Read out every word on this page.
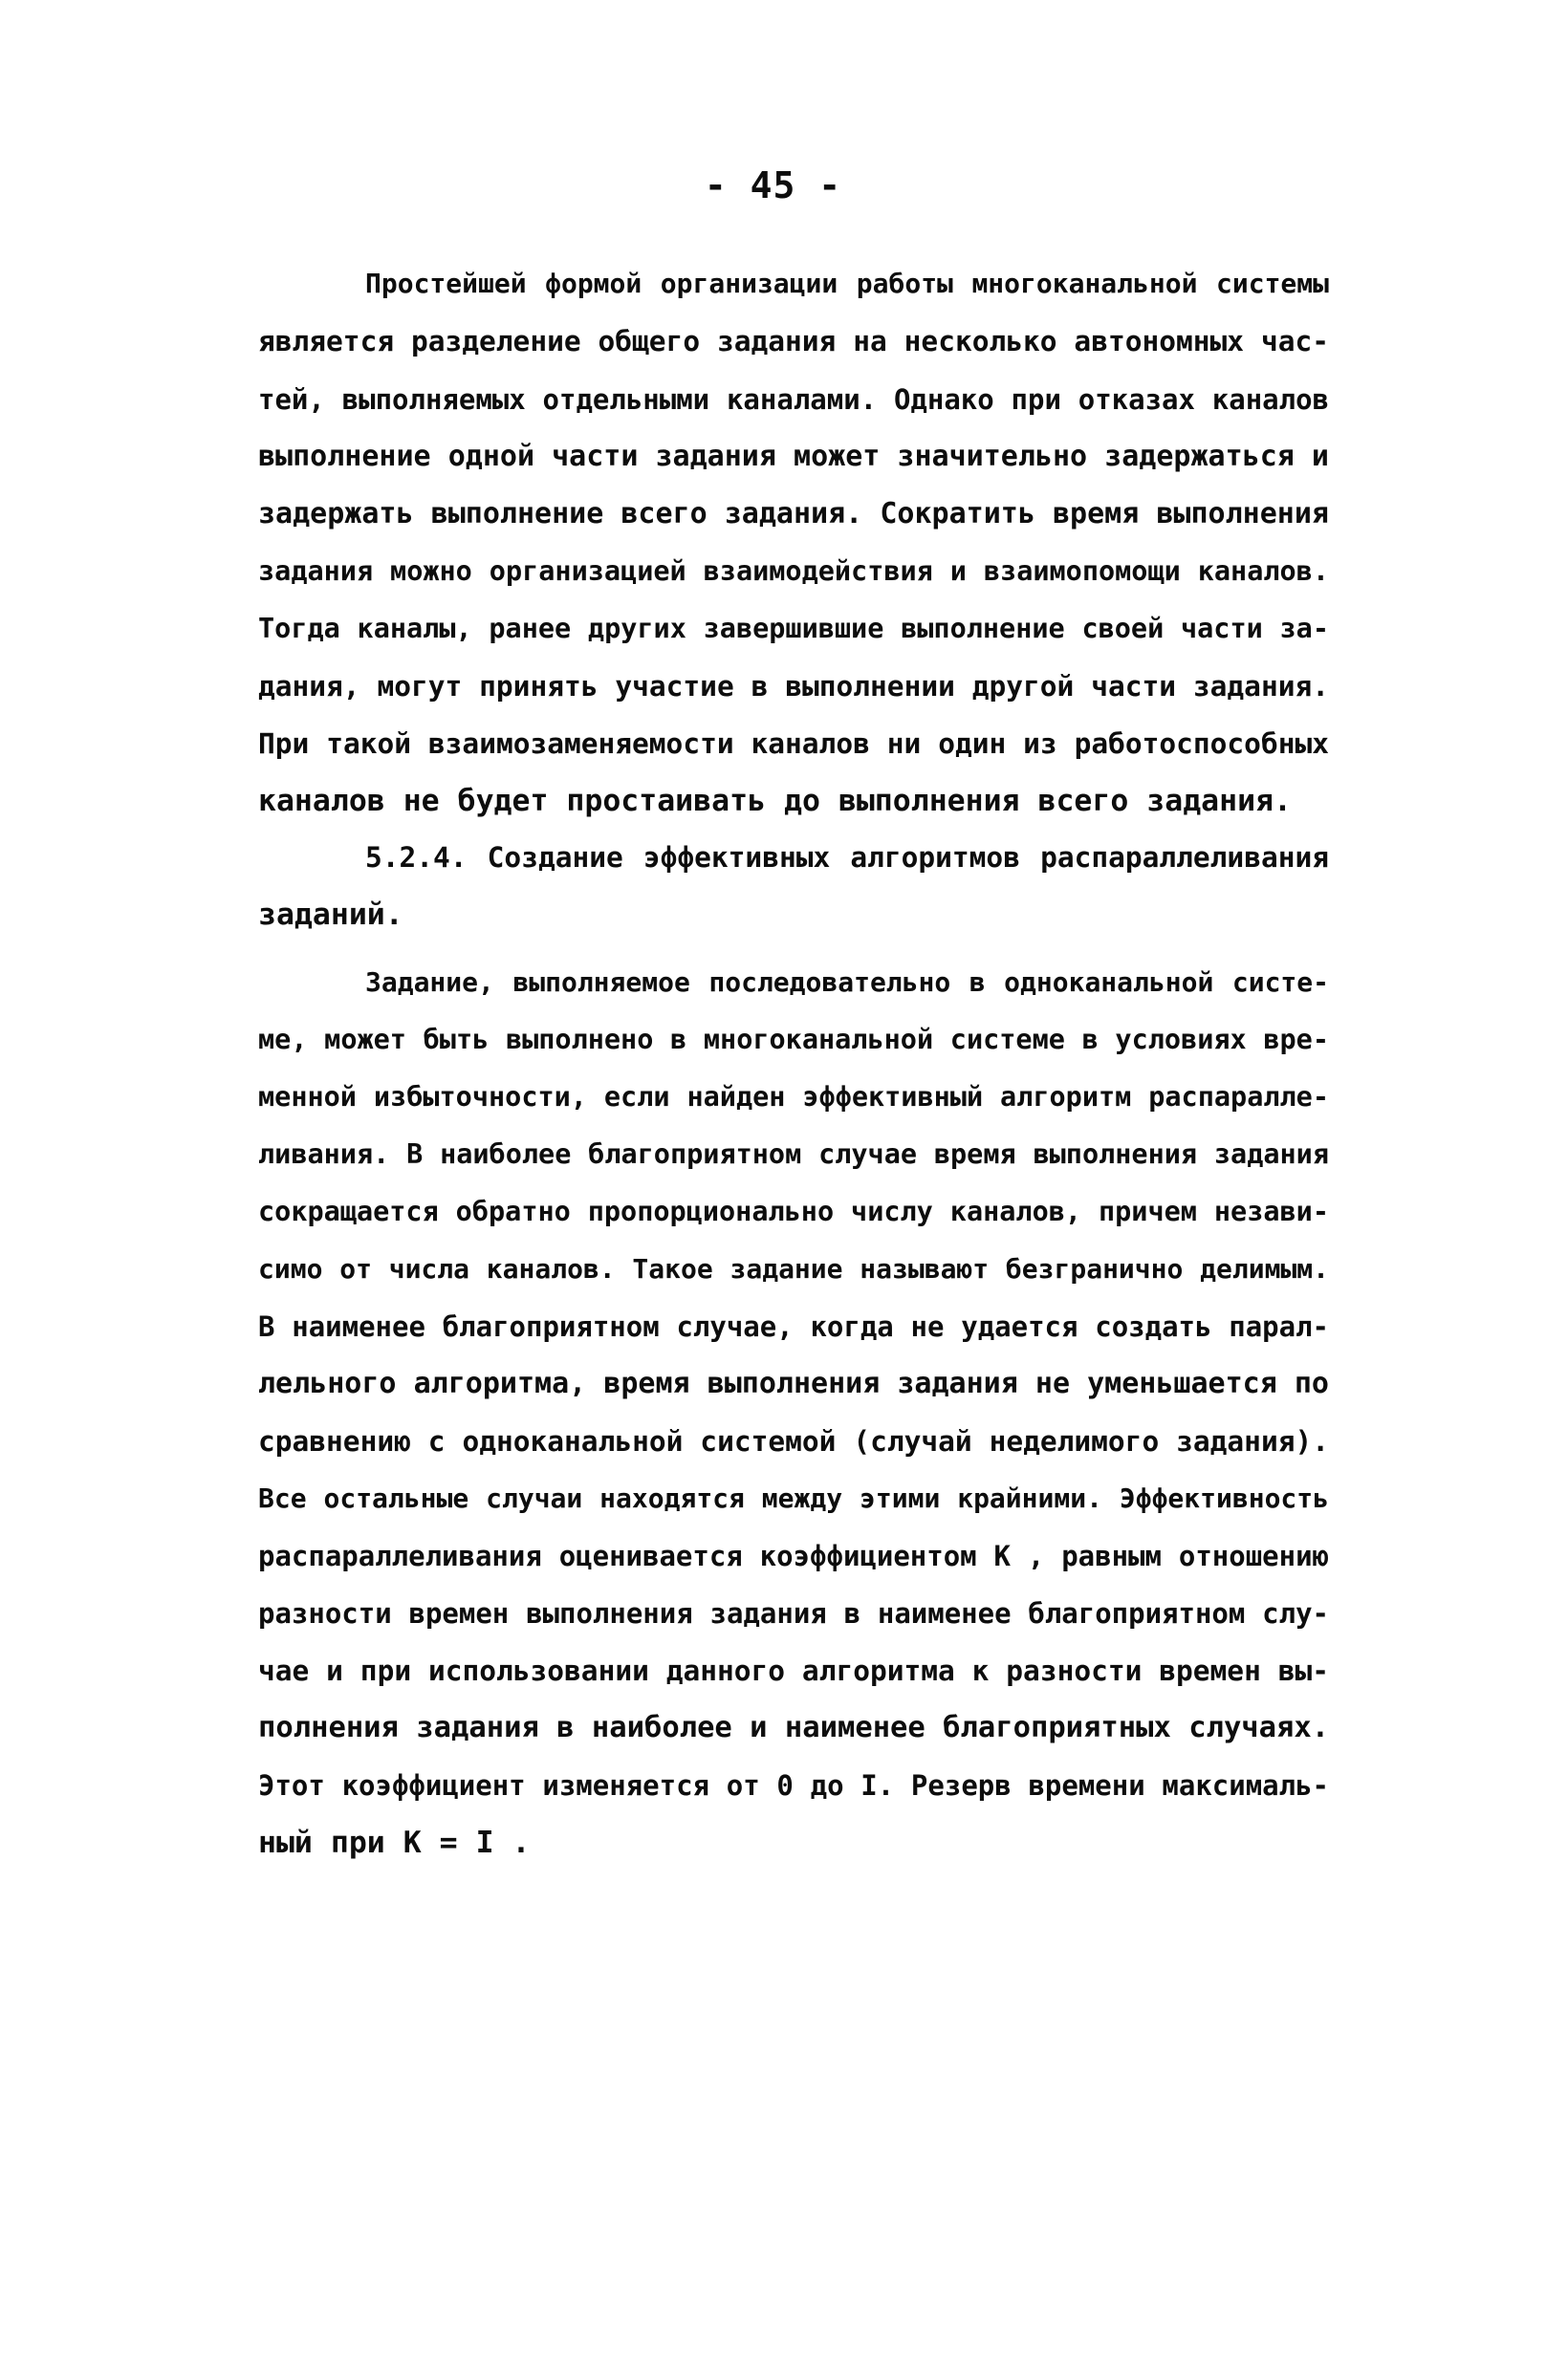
- 45 -
Простейшей формой организации работы многоканальной системы
является разделение общего задания на несколько автономных час-
тей, выполняемых отдельными каналами. Однако при отказах каналов
выполнение одной части задания может значительно задержаться и
задержать выполнение всего задания. Сократить время выполнения
задания можно организацией взаимодействия и взаимопомощи каналов.
Тогда каналы, ранее других завершившие выполнение своей части за-
дания, могут принять участие в выполнении другой части задания.
При такой взаимозаменяемости каналов ни один из работоспособных
каналов не будет простаивать до выполнения всего задания.
5.2.4. Создание эффективных алгоритмов распараллеливания
заданий.
Задание, выполняемое последовательно в одноканальной систе-
ме, может быть выполнено в многоканальной системе в условиях вре-
менной избыточности, если найден эффективный алгоритм распаралле-
ливания. В наиболее благоприятном случае время выполнения задания
сокращается обратно пропорционально числу каналов, причем незави-
симо от числа каналов. Такое задание называют безгранично делимым.
В наименее благоприятном случае, когда не удается создать парал-
лельного алгоритма, время выполнения задания не уменьшается по
сравнению с одноканальной системой (случай неделимого задания).
Все остальные случаи находятся между этими крайними. Эффективность
распараллеливания оценивается коэффициентом К , равным отношению
разности времен выполнения задания в наименее благоприятном слу-
чае и при использовании данного алгоритма к разности времен вы-
полнения задания в наиболее и наименее благоприятных случаях.
Этот коэффициент изменяется от 0 до I. Резерв времени максималь-
ный при К = I .
